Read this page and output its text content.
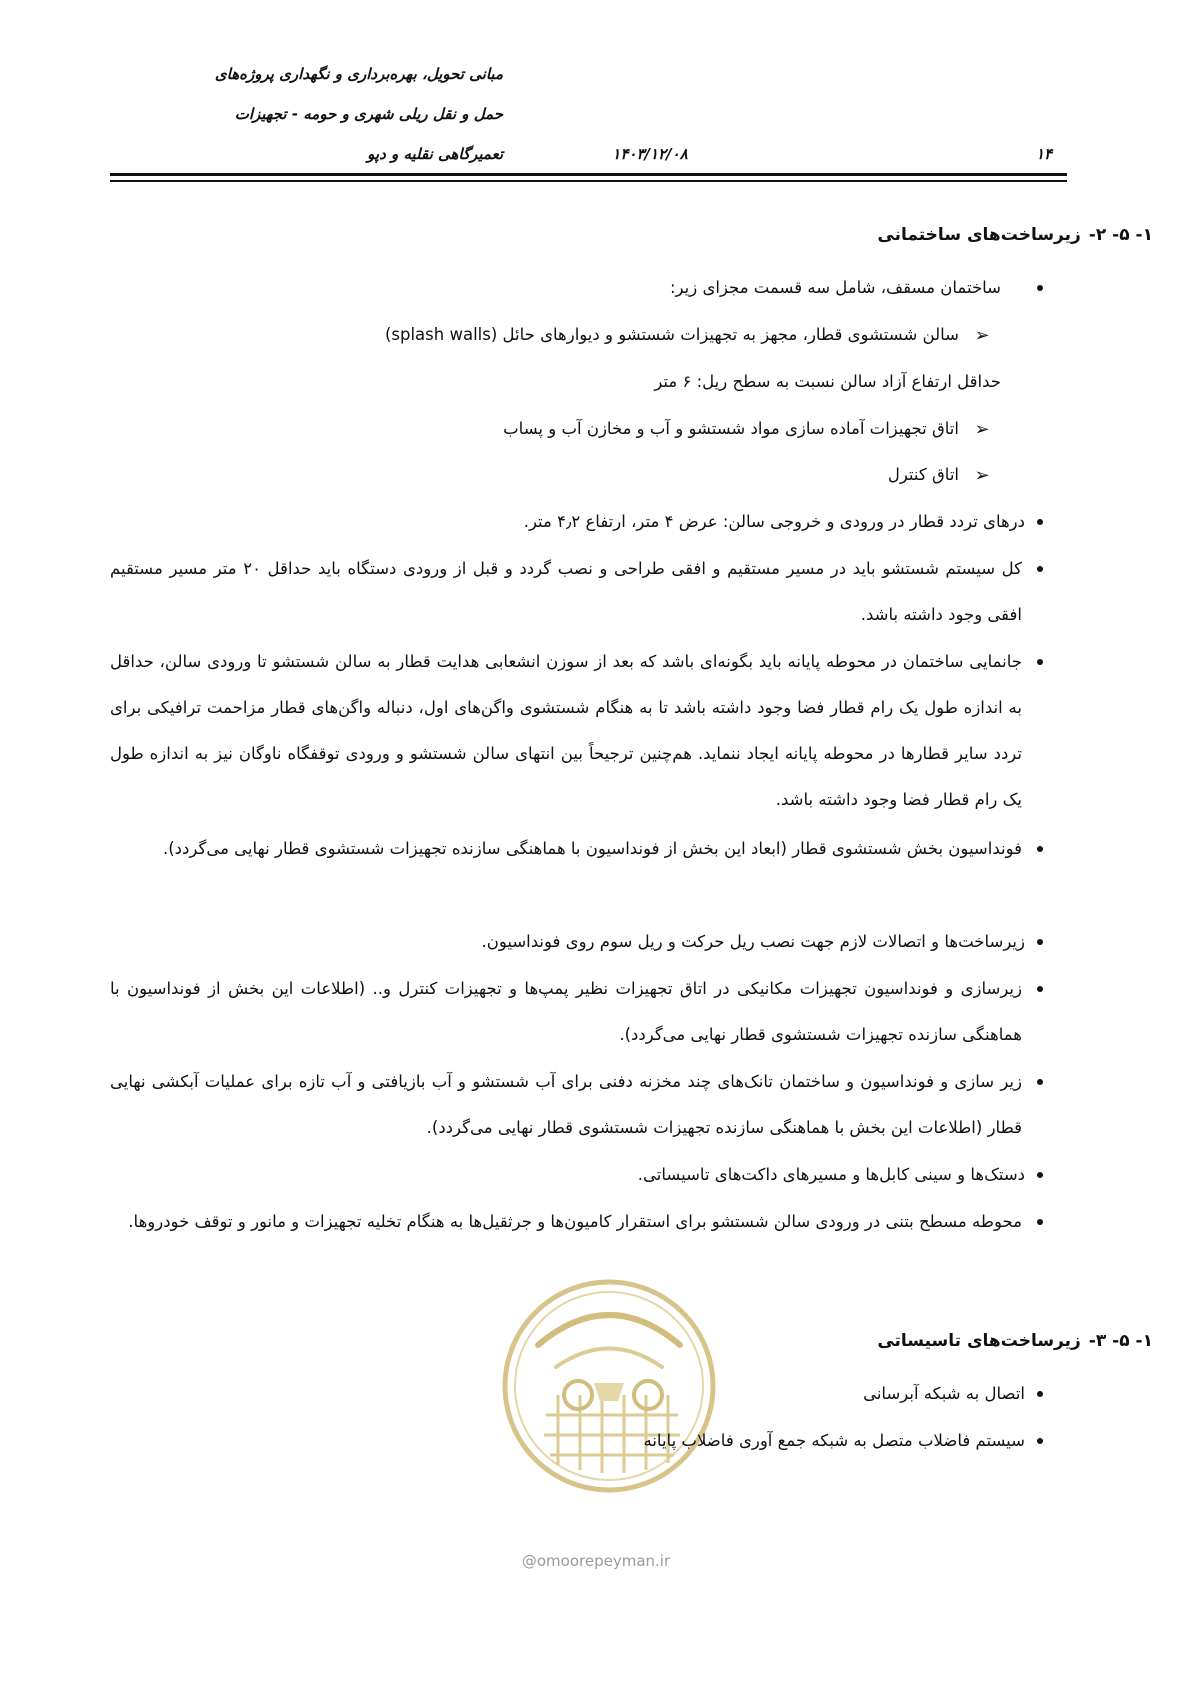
مبانی تحویل، بهره‌برداری و نگهداری پروژه‌های
حمل و نقل ریلی شهری و حومه - تجهیزات
تعمیرگاهی نقلیه و دپو	۱۴۰۳/۱۲/۰۸	۱۴
۱- ۵- ۲-زیرساخت‌های ساختمانی
ساختمان مسقف، شامل سه قسمت مجزای زیر:
➢
سالن شستشوی قطار، مجهز به تجهیزات شستشو و دیوارهای حائل (splash walls)
حداقل ارتفاع آزاد سالن نسبت به سطح ریل: ۶ متر
➢
اتاق تجهیزات آماده سازی مواد شستشو و آب و مخازن آب و پساب
➢
اتاق کنترل
درهای تردد قطار در ورودی و خروجی سالن: عرض ۴ متر، ارتفاع ۴٫۲ متر.
کل سیستم شستشو باید در مسیر مستقیم و افقی طراحی و نصب گردد و قبل از ورودی دستگاه باید حداقل ۲۰ متر مسیر مستقیم افقی وجود داشته باشد.
جانمایی ساختمان در محوطه پایانه باید بگونه‌ای باشد که بعد از سوزن انشعابی هدایت قطار به سالن شستشو تا ورودی سالن، حداقل به اندازه طول یک رام قطار فضا وجود داشته باشد تا به هنگام شستشوی واگن‌های اول، دنباله واگن‌های قطار مزاحمت ترافیکی برای تردد سایر قطارها در محوطه پایانه ایجاد ننماید. هم‌چنین ترجیحاً بین انتهای سالن شستشو و ورودی توقفگاه ناوگان نیز به اندازه طول یک رام قطار فضا وجود داشته باشد.
فونداسیون بخش شستشوی قطار (ابعاد این بخش از فونداسیون با هماهنگی سازنده تجهیزات شستشوی قطار نهایی می‌گردد).
زیرساخت‌ها و اتصالات لازم جهت نصب ریل حرکت و ریل سوم روی فونداسیون.
زیرسازی و فونداسیون تجهیزات مکانیکی در اتاق تجهیزات نظیر پمپ‌ها و تجهیزات کنترل و.. (اطلاعات این بخش از فونداسیون با هماهنگی سازنده تجهیزات شستشوی قطار نهایی می‌گردد).
زیر سازی و فونداسیون و ساختمان تانک‌های چند مخزنه دفنی برای آب شستشو و آب بازیافتی و آب تازه برای عملیات آبکشی نهایی قطار (اطلاعات این بخش با هماهنگی سازنده تجهیزات شستشوی قطار نهایی می‌گردد).
دستک‌ها و سینی کابل‌ها و مسیرهای داکت‌های تاسیساتی.
محوطه مسطح بتنی در ورودی سالن شستشو برای استقرار کامیون‌ها و جرثقیل‌ها به هنگام تخلیه تجهیزات و مانور و توقف خودروها.
۱- ۵- ۳-زیرساخت‌های تاسیساتی
@omoorepeyman.ir
اتصال به شبکه آبرسانی
سیستم فاضلاب متصل به شبکه جمع آوری فاضلاب پایانه
